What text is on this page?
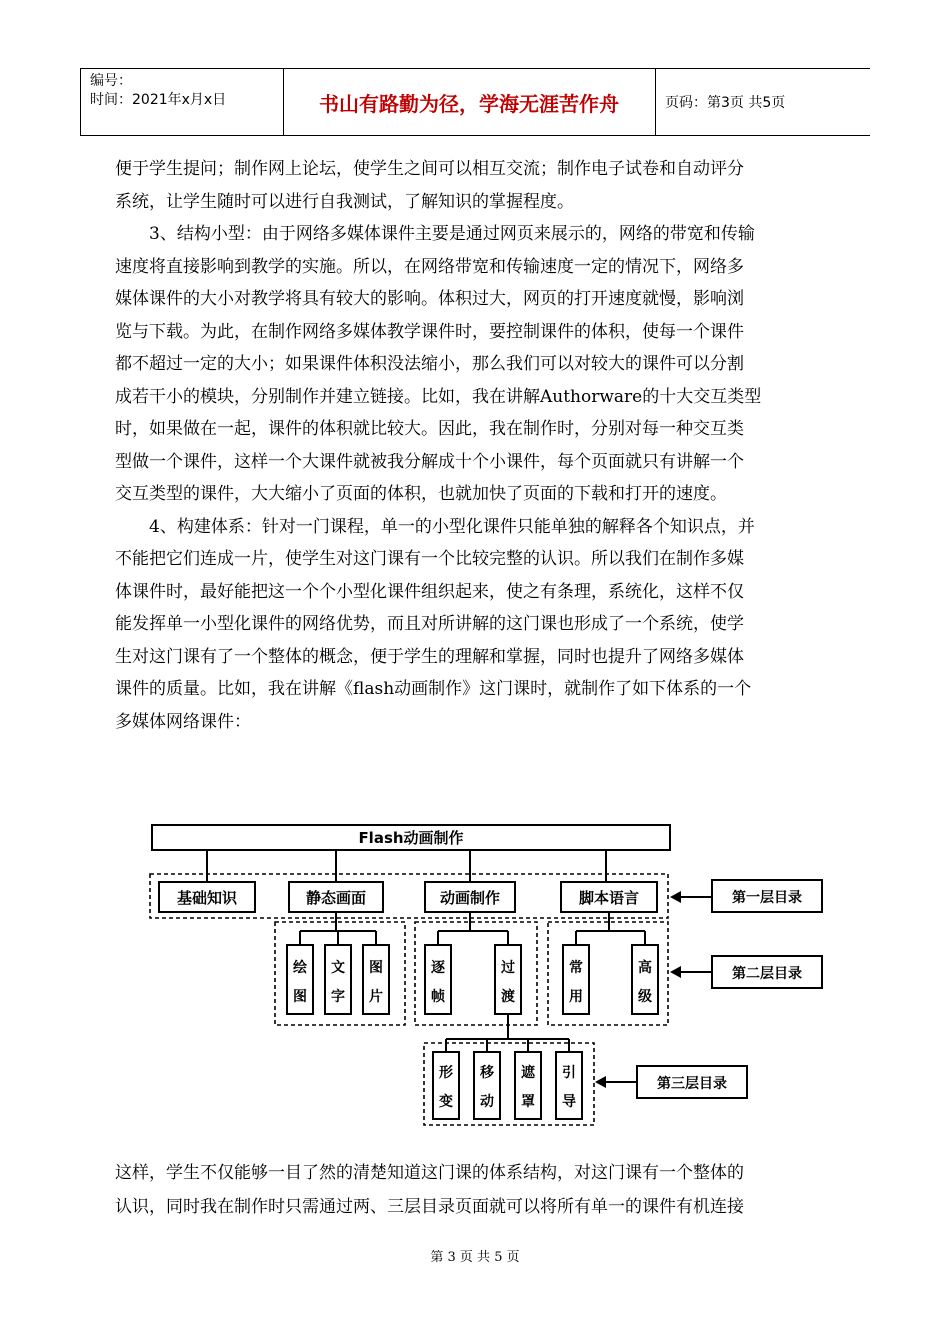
编号：
时间：2021年x月x日	书山有路勤为径，学海无涯苦作舟	页码：第3页 共5页

便于学生提问；制作网上论坛，使学生之间可以相互交流；制作电子试卷和自动评分

系统，让学生随时可以进行自我测试，了解知识的掌握程度。

3、结构小型：由于网络多媒体课件主要是通过网页来展示的，网络的带宽和传输

速度将直接影响到教学的实施。所以，在网络带宽和传输速度一定的情况下，网络多

媒体课件的大小对教学将具有较大的影响。体积过大，网页的打开速度就慢，影响浏

览与下载。为此，在制作网络多媒体教学课件时，要控制课件的体积，使每一个课件

都不超过一定的大小；如果课件体积没法缩小，那么我们可以对较大的课件可以分割

成若干小的模块，分别制作并建立链接。比如，我在讲解Authorware的十大交互类型

时，如果做在一起，课件的体积就比较大。因此，我在制作时，分别对每一种交互类

型做一个课件，这样一个大课件就被我分解成十个小课件，每个页面就只有讲解一个

交互类型的课件，大大缩小了页面的体积，也就加快了页面的下载和打开的速度。

4、构建体系：针对一门课程，单一的小型化课件只能单独的解释各个知识点，并

不能把它们连成一片，使学生对这门课有一个比较完整的认识。所以我们在制作多媒

体课件时，最好能把这一个个小型化课件组织起来，使之有条理，系统化，这样不仅

能发挥单一小型化课件的网络优势，而且对所讲解的这门课也形成了一个系统，使学

生对这门课有了一个整体的概念，便于学生的理解和掌握，同时也提升了网络多媒体

课件的质量。比如，我在讲解《flash动画制作》这门课时，就制作了如下体系的一个

多媒体网络课件：

Flash动画制作
基础知识	静态画面	动画制作	脚本语言	第一层目录
绘
图
文
字
图
片
逐
帧
过
渡
常
用
高
级
第二层目录
形
变
移
动
遮
罩
引
导
第三层目录

这样，学生不仅能够一目了然的清楚知道这门课的体系结构，对这门课有一个整体的

认识，同时我在制作时只需通过两、三层目录页面就可以将所有单一的课件有机连接

第 3 页 共 5 页
